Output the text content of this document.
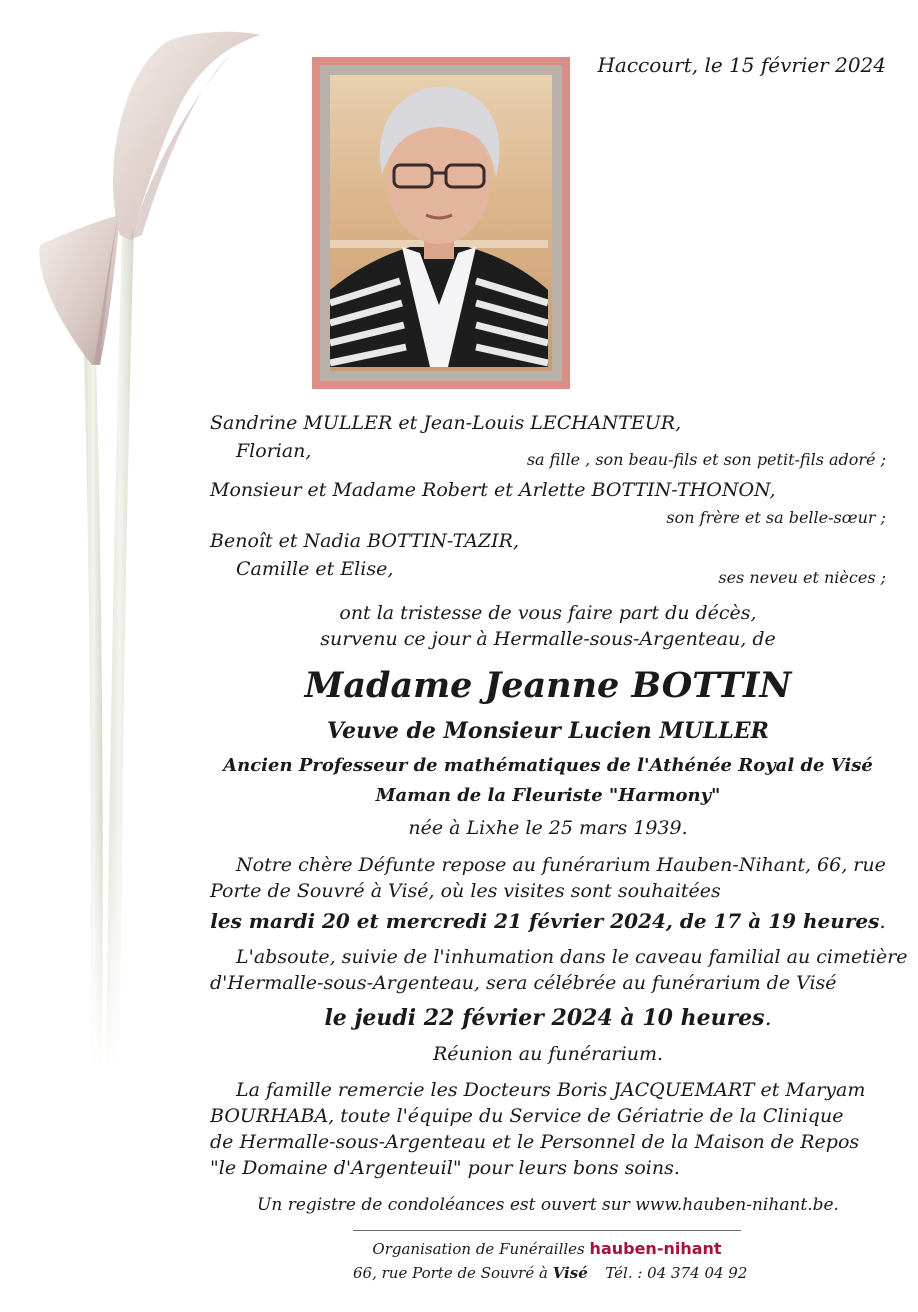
Haccourt, le 15 février 2024
Sandrine MULLER et Jean-Louis LECHANTEUR,
Florian,	sa fille , son beau-fils et son petit-fils adoré ;
Monsieur et Madame Robert et Arlette BOTTIN-THONON,
son frère et sa belle-sœur ;
Benoît et Nadia BOTTIN-TAZIR,
Camille et Elise,	ses neveu et nièces ;
ont la tristesse de vous faire part du décès,
survenu ce jour à Hermalle-sous-Argenteau, de
Madame Jeanne BOTTIN
Veuve de Monsieur Lucien MULLER
Ancien Professeur de mathématiques de l'Athénée Royal de Visé
Maman de la Fleuriste "Harmony"
née à Lixhe le 25 mars 1939.
Notre chère Défunte repose au funérarium Hauben-Nihant, 66, rue
Porte de Souvré à Visé, où les visites sont souhaitées
les mardi 20 et mercredi 21 février 2024, de 17 à 19 heures.
L'absoute, suivie de l'inhumation dans le caveau familial au cimetière
d'Hermalle-sous-Argenteau, sera célébrée au funérarium de Visé
le jeudi 22 février 2024 à 10 heures.
Réunion au funérarium.
La famille remercie les Docteurs Boris JACQUEMART et Maryam
BOURHABA, toute l'équipe du Service de Gériatrie de la Clinique
de Hermalle-sous-Argenteau et le Personnel de la Maison de Repos
"le Domaine d'Argenteuil" pour leurs bons soins.
Un registre de condoléances est ouvert sur www.hauben-nihant.be.
Organisation de Funérailles hauben-nihant
66, rue Porte de Souvré à Visé Tél. : 04 374 04 92
